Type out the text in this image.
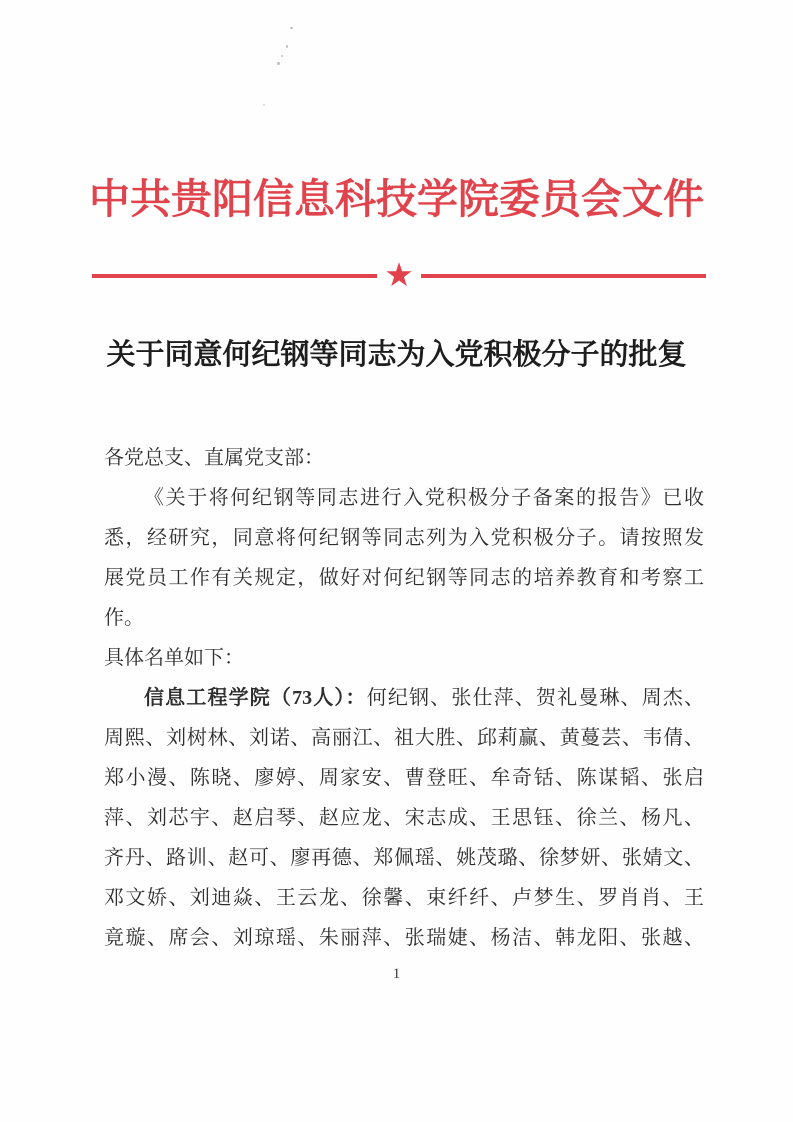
中共贵阳信息科技学院委员会文件
★
关于同意何纪钢等同志为入党积极分子的批复
各党总支、直属党支部：
《关于将何纪钢等同志进行入党积极分子备案的报告》已收
悉，经研究，同意将何纪钢等同志列为入党积极分子。请按照发
展党员工作有关规定，做好对何纪钢等同志的培养教育和考察工
作。
具体名单如下：
信息工程学院（73人）：何纪钢、张仕萍、贺礼曼琳、周杰、
周熙、刘树林、刘诺、高丽江、祖大胜、邱莉赢、黄蔓芸、韦倩、
郑小漫、陈晓、廖婷、周家安、曹登旺、牟奇铦、陈谋韬、张启
萍、刘芯宇、赵启琴、赵应龙、宋志成、王思钰、徐兰、杨凡、
齐丹、路训、赵可、廖再德、郑佩瑶、姚茂璐、徐梦妍、张婧文、
邓文娇、刘迪焱、王云龙、徐馨、束纤纤、卢梦生、罗肖肖、王
竟璇、席会、刘琼瑶、朱丽萍、张瑞婕、杨洁、韩龙阳、张越、
1
